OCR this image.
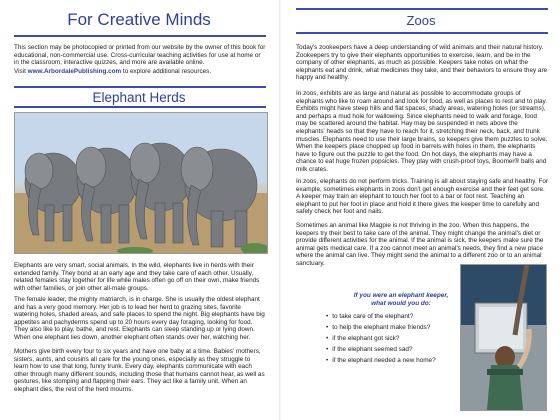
For Creative Minds

This section may be photocopied or printed from our website by the owner of this book for educational, non-commercial use. Cross-curricular teaching activities for use at home or in the classroom, interactive quizzes, and more are available online.

Visit www.ArbordalePublishing.com to explore additional resources.

Elephant Herds

Elephants are very smart, social animals. In the wild, elephants live in herds with their extended family. They bond at an early age and they take care of each other. Usually, related females stay together for life while males often go off on their own, make friends with other families, or join other all-male groups.

The female leader, the mighty matriarch, is in charge. She is usually the oldest elephant and has a very good memory. Her job is to lead her herd to grazing sites, favorite watering holes, shaded areas, and safe places to spend the night. Big elephants have big appetites and pachyderms spend up to 20 hours every day foraging, looking for food. They also like to play, bathe, and rest. Elephants can sleep standing up or lying down. When one elephant lies down, another elephant often stands over her, watching her.

Mothers give birth every four to six years and have one baby at a time. Babies' mothers, sisters, aunts, and cousins all care for the young ones, especially as they struggle to learn how to use that long, funny trunk. Every day, elephants communicate with each other through many different sounds, including those that humans cannot hear, as well as gestures, like stomping and flapping their ears. They act like a family unit. When an elephant dies, the rest of the herd mourns.

Zoos

Today's zookeepers have a deep understanding of wild animals and their natural history. Zookeepers try to give their elephants opportunities to exercise, learn, and be in the company of other elephants, as much as possible. Keepers take notes on what the elephants eat and drink, what medicines they take, and their behaviors to ensure they are happy and healthy.

In zoos, exhibits are as large and natural as possible to accommodate groups of elephants who like to roam around and look for food, as well as places to rest and to play. Exhibits might have steep hills and flat spaces, shady areas, watering holes (or streams), and perhaps a mud hole for wallowing. Since elephants need to walk and forage, food may be scattered around the habitat. Hay may be suspended in nets above the elephants' heads so that they have to reach for it, stretching their neck, back, and trunk muscles. Elephants need to use their large brains, so keepers give them puzzles to solve. When the keepers place chopped up food in barrels with holes in them, the elephants have to figure out the puzzle to get the food. On hot days, the elephants may have a chance to eat huge frozen popsicles. They play with crush-proof toys, Boomer® balls and milk crates.

In zoos, elephants do not perform tricks. Training is all about staying safe and healthy. For example, sometimes elephants in zoos don't get enough exercise and their feet get sore. A keeper may train an elephant to touch her foot to a bar or foot rest. Teaching an elephant to put her foot in place and hold it there gives the keeper time to carefully and safely check her foot and nails.

Sometimes an animal like Magpie is not thriving in the zoo. When this happens, the keepers try their best to take care of the animal. They might change the animal's diet or provide different activities for the animal. If the animal is sick, the keepers make sure the animal gets medical care. If a zoo cannot meet an animal's needs, they find a new place where the animal can live. They might send the animal to a different zoo or to an animal sanctuary.

If you were an elephant keeper,
what would you do:
• to take care of the elephant?
• to help the elephant make friends?
• if the elephant got sick?
• if the elephant seemed sad?
• if the elephant needed a new home?
